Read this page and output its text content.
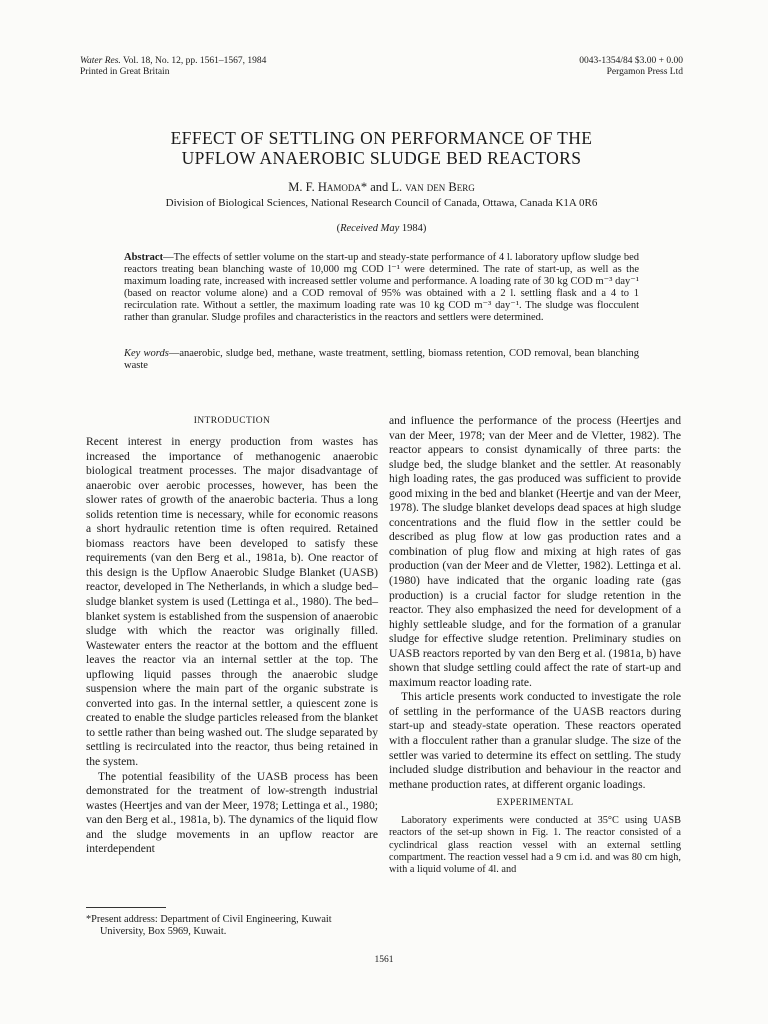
Water Res. Vol. 18, No. 12, pp. 1561–1567, 1984
Printed in Great Britain
0043-1354/84 $3.00 + 0.00
Pergamon Press Ltd
EFFECT OF SETTLING ON PERFORMANCE OF THE
UPFLOW ANAEROBIC SLUDGE BED REACTORS
M. F. Hamoda* and L. van den Berg
Division of Biological Sciences, National Research Council of Canada, Ottawa, Canada K1A 0R6
(Received May 1984)
Abstract—The effects of settler volume on the start-up and steady-state performance of 4 l. laboratory upflow sludge bed reactors treating bean blanching waste of 10,000 mg COD l⁻¹ were determined. The rate of start-up, as well as the maximum loading rate, increased with increased settler volume and performance. A loading rate of 30 kg COD m⁻³ day⁻¹ (based on reactor volume alone) and a COD removal of 95% was obtained with a 2 l. settling flask and a 4 to 1 recirculation rate. Without a settler, the maximum loading rate was 10 kg COD m⁻³ day⁻¹. The sludge was flocculent rather than granular. Sludge profiles and characteristics in the reactors and settlers were determined.
Key words—anaerobic, sludge bed, methane, waste treatment, settling, biomass retention, COD removal, bean blanching waste
INTRODUCTION

Recent interest in energy production from wastes has increased the importance of methanogenic anaerobic biological treatment processes. The major disadvantage of anaerobic over aerobic processes, however, has been the slower rates of growth of the anaerobic bacteria. Thus a long solids retention time is necessary, while for economic reasons a short hydraulic retention time is often required. Retained biomass reactors have been developed to satisfy these requirements (van den Berg et al., 1981a, b). One reactor of this design is the Upflow Anaerobic Sludge Blanket (UASB) reactor, developed in The Netherlands, in which a sludge bed–sludge blanket system is used (Lettinga et al., 1980). The bed–blanket system is established from the suspension of anaerobic sludge with which the reactor was originally filled. Wastewater enters the reactor at the bottom and the effluent leaves the reactor via an internal settler at the top. The upflowing liquid passes through the anaerobic sludge suspension where the main part of the organic substrate is converted into gas. In the internal settler, a quiescent zone is created to enable the sludge particles released from the blanket to settle rather than being washed out. The sludge separated by settling is recirculated into the reactor, thus being retained in the system.

The potential feasibility of the UASB process has been demonstrated for the treatment of low-strength industrial wastes (Heertjes and van der Meer, 1978; Lettinga et al., 1980; van den Berg et al., 1981a, b). The dynamics of the liquid flow and the sludge movements in an upflow reactor are interdependent

and influence the performance of the process (Heertjes and van der Meer, 1978; van der Meer and de Vletter, 1982). The reactor appears to consist dynamically of three parts: the sludge bed, the sludge blanket and the settler. At reasonably high loading rates, the gas produced was sufficient to provide good mixing in the bed and blanket (Heertje and van der Meer, 1978). The sludge blanket develops dead spaces at high sludge concentrations and the fluid flow in the settler could be described as plug flow at low gas production rates and a combination of plug flow and mixing at high rates of gas production (van der Meer and de Vletter, 1982). Lettinga et al. (1980) have indicated that the organic loading rate (gas production) is a crucial factor for sludge retention in the reactor. They also emphasized the need for development of a highly settleable sludge, and for the formation of a granular sludge for effective sludge retention. Preliminary studies on UASB reactors reported by van den Berg et al. (1981a, b) have shown that sludge settling could affect the rate of start-up and maximum reactor loading rate.

This article presents work conducted to investigate the role of settling in the performance of the UASB reactors during start-up and steady-state operation. These reactors operated with a flocculent rather than a granular sludge. The size of the settler was varied to determine its effect on settling. The study included sludge distribution and behaviour in the reactor and methane production rates, at different organic loadings.

EXPERIMENTAL

Laboratory experiments were conducted at 35°C using UASB reactors of the set-up shown in Fig. 1. The reactor consisted of a cyclindrical glass reaction vessel with an external settling compartment. The reaction vessel had a 9 cm i.d. and was 80 cm high, with a liquid volume of 4l. and

*Present address: Department of Civil Engineering, Kuwait
University, Box 5969, Kuwait.
1561
